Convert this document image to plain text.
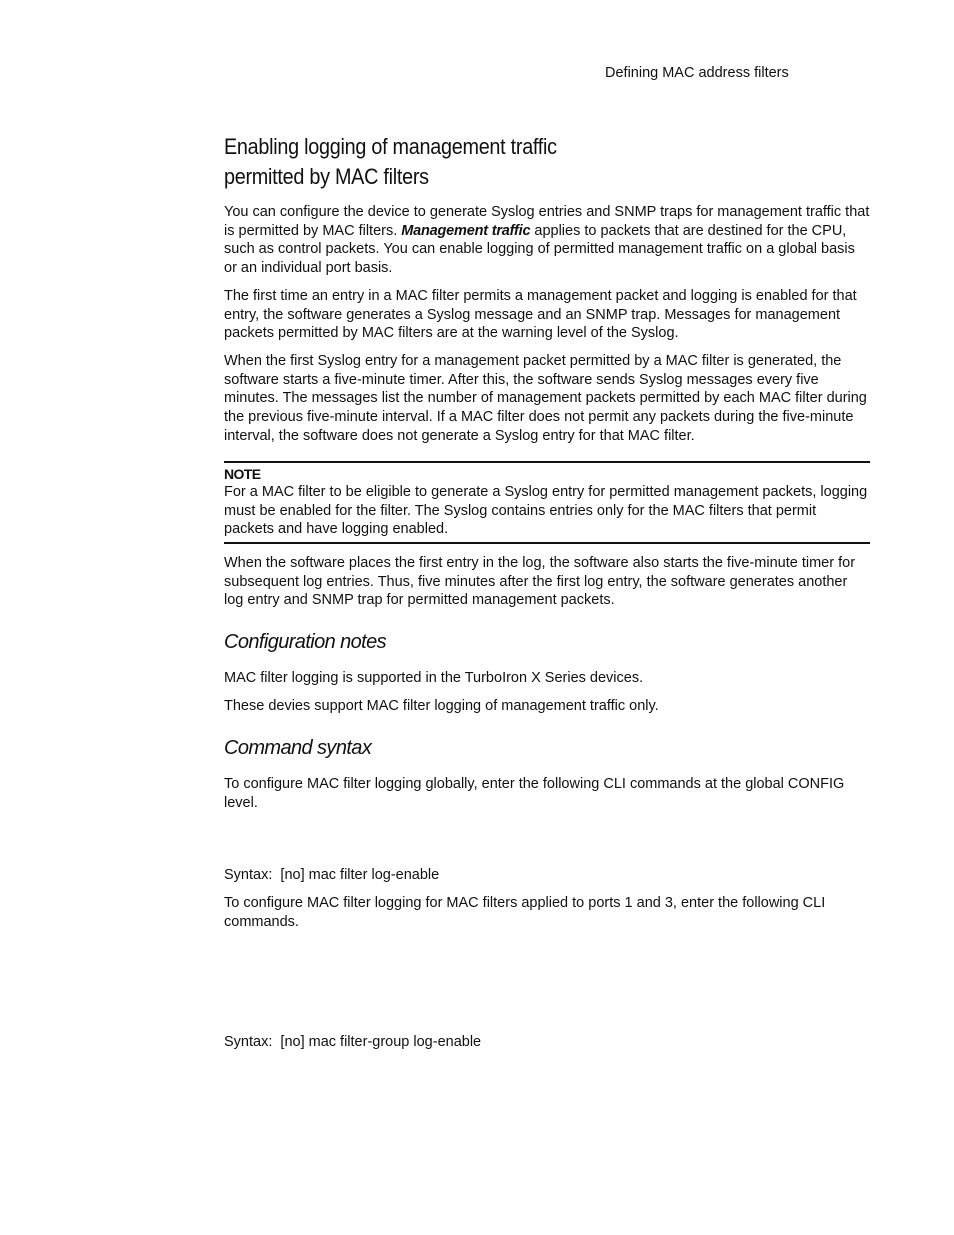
Defining MAC address filters
Enabling logging of management traffic
permitted by MAC filters

You can configure the device to generate Syslog entries and SNMP traps for management traffic that is permitted by MAC filters. Management traffic applies to packets that are destined for the CPU, such as control packets. You can enable logging of permitted management traffic on a global basis or an individual port basis.

The first time an entry in a MAC filter permits a management packet and logging is enabled for that entry, the software generates a Syslog message and an SNMP trap. Messages for management packets permitted by MAC filters are at the warning level of the Syslog.

When the first Syslog entry for a management packet permitted by a MAC filter is generated, the software starts a five-minute timer. After this, the software sends Syslog messages every five minutes. The messages list the number of management packets permitted by each MAC filter during the previous five-minute interval. If a MAC filter does not permit any packets during the five-minute interval, the software does not generate a Syslog entry for that MAC filter.

NOTE

For a MAC filter to be eligible to generate a Syslog entry for permitted management packets, logging must be enabled for the filter. The Syslog contains entries only for the MAC filters that permit packets and have logging enabled.

When the software places the first entry in the log, the software also starts the five-minute timer for subsequent log entries. Thus, five minutes after the first log entry, the software generates another log entry and SNMP trap for permitted management packets.

Configuration notes

MAC filter logging is supported in the TurboIron X Series devices.

These devies support MAC filter logging of management traffic only.

Command syntax

To configure MAC filter logging globally, enter the following CLI commands at the global CONFIG level.

Syntax: [no] mac filter log-enable

To configure MAC filter logging for MAC filters applied to ports 1 and 3, enter the following CLI commands.

Syntax: [no] mac filter-group log-enable
